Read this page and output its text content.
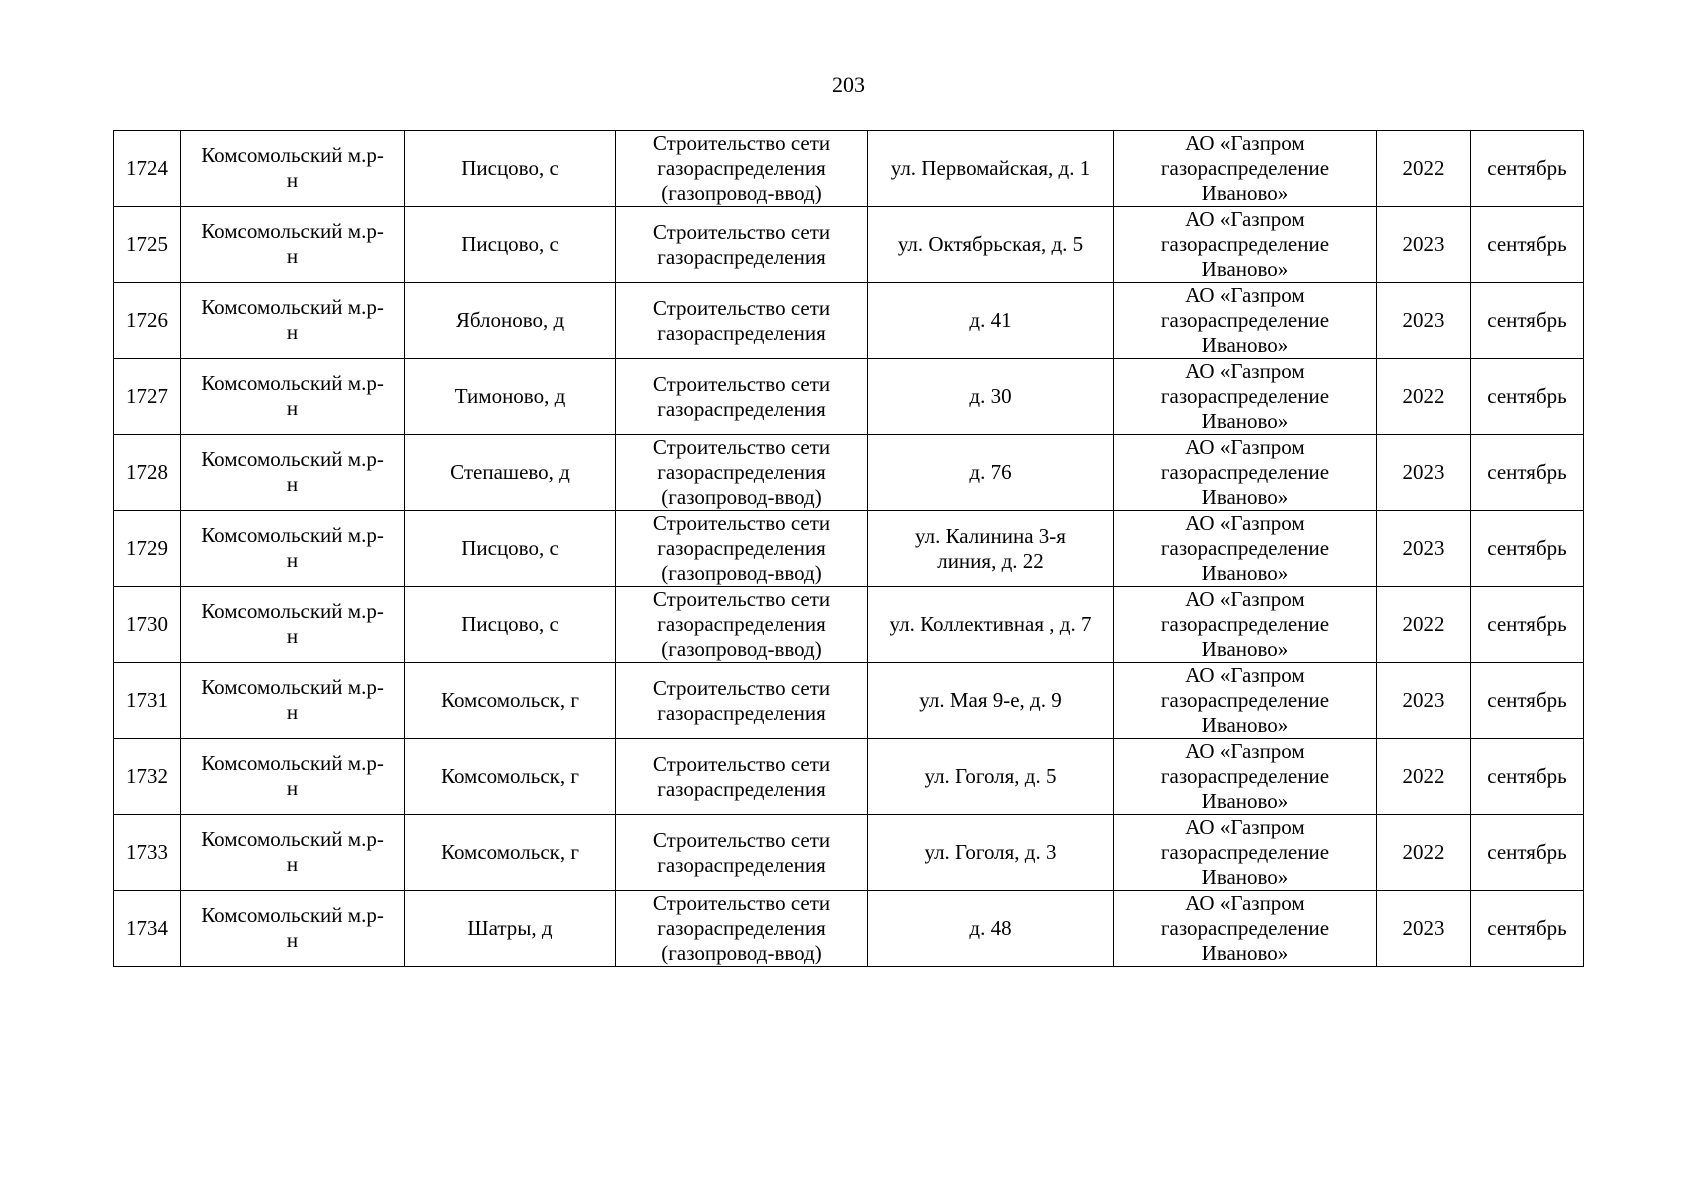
203
1724	Комсомольский м.р-
н	Писцово, с	Строительство сети
газораспределения
(газопровод-ввод)	ул. Первомайская, д. 1	АО «Газпром
газораспределение
Иваново»	2022	сентябрь
1725	Комсомольский м.р-
н	Писцово, с	Строительство сети
газораспределения	ул. Октябрьская, д. 5	АО «Газпром
газораспределение
Иваново»	2023	сентябрь
1726	Комсомольский м.р-
н	Яблоново, д	Строительство сети
газораспределения	д. 41	АО «Газпром
газораспределение
Иваново»	2023	сентябрь
1727	Комсомольский м.р-
н	Тимоново, д	Строительство сети
газораспределения	д. 30	АО «Газпром
газораспределение
Иваново»	2022	сентябрь
1728	Комсомольский м.р-
н	Степашево, д	Строительство сети
газораспределения
(газопровод-ввод)	д. 76	АО «Газпром
газораспределение
Иваново»	2023	сентябрь
1729	Комсомольский м.р-
н	Писцово, с	Строительство сети
газораспределения
(газопровод-ввод)	ул. Калинина 3-я
линия, д. 22	АО «Газпром
газораспределение
Иваново»	2023	сентябрь
1730	Комсомольский м.р-
н	Писцово, с	Строительство сети
газораспределения
(газопровод-ввод)	ул. Коллективная , д. 7	АО «Газпром
газораспределение
Иваново»	2022	сентябрь
1731	Комсомольский м.р-
н	Комсомольск, г	Строительство сети
газораспределения	ул. Мая 9-е, д. 9	АО «Газпром
газораспределение
Иваново»	2023	сентябрь
1732	Комсомольский м.р-
н	Комсомольск, г	Строительство сети
газораспределения	ул. Гоголя, д. 5	АО «Газпром
газораспределение
Иваново»	2022	сентябрь
1733	Комсомольский м.р-
н	Комсомольск, г	Строительство сети
газораспределения	ул. Гоголя, д. 3	АО «Газпром
газораспределение
Иваново»	2022	сентябрь
1734	Комсомольский м.р-
н	Шатры, д	Строительство сети
газораспределения
(газопровод-ввод)	д. 48	АО «Газпром
газораспределение
Иваново»	2023	сентябрь
